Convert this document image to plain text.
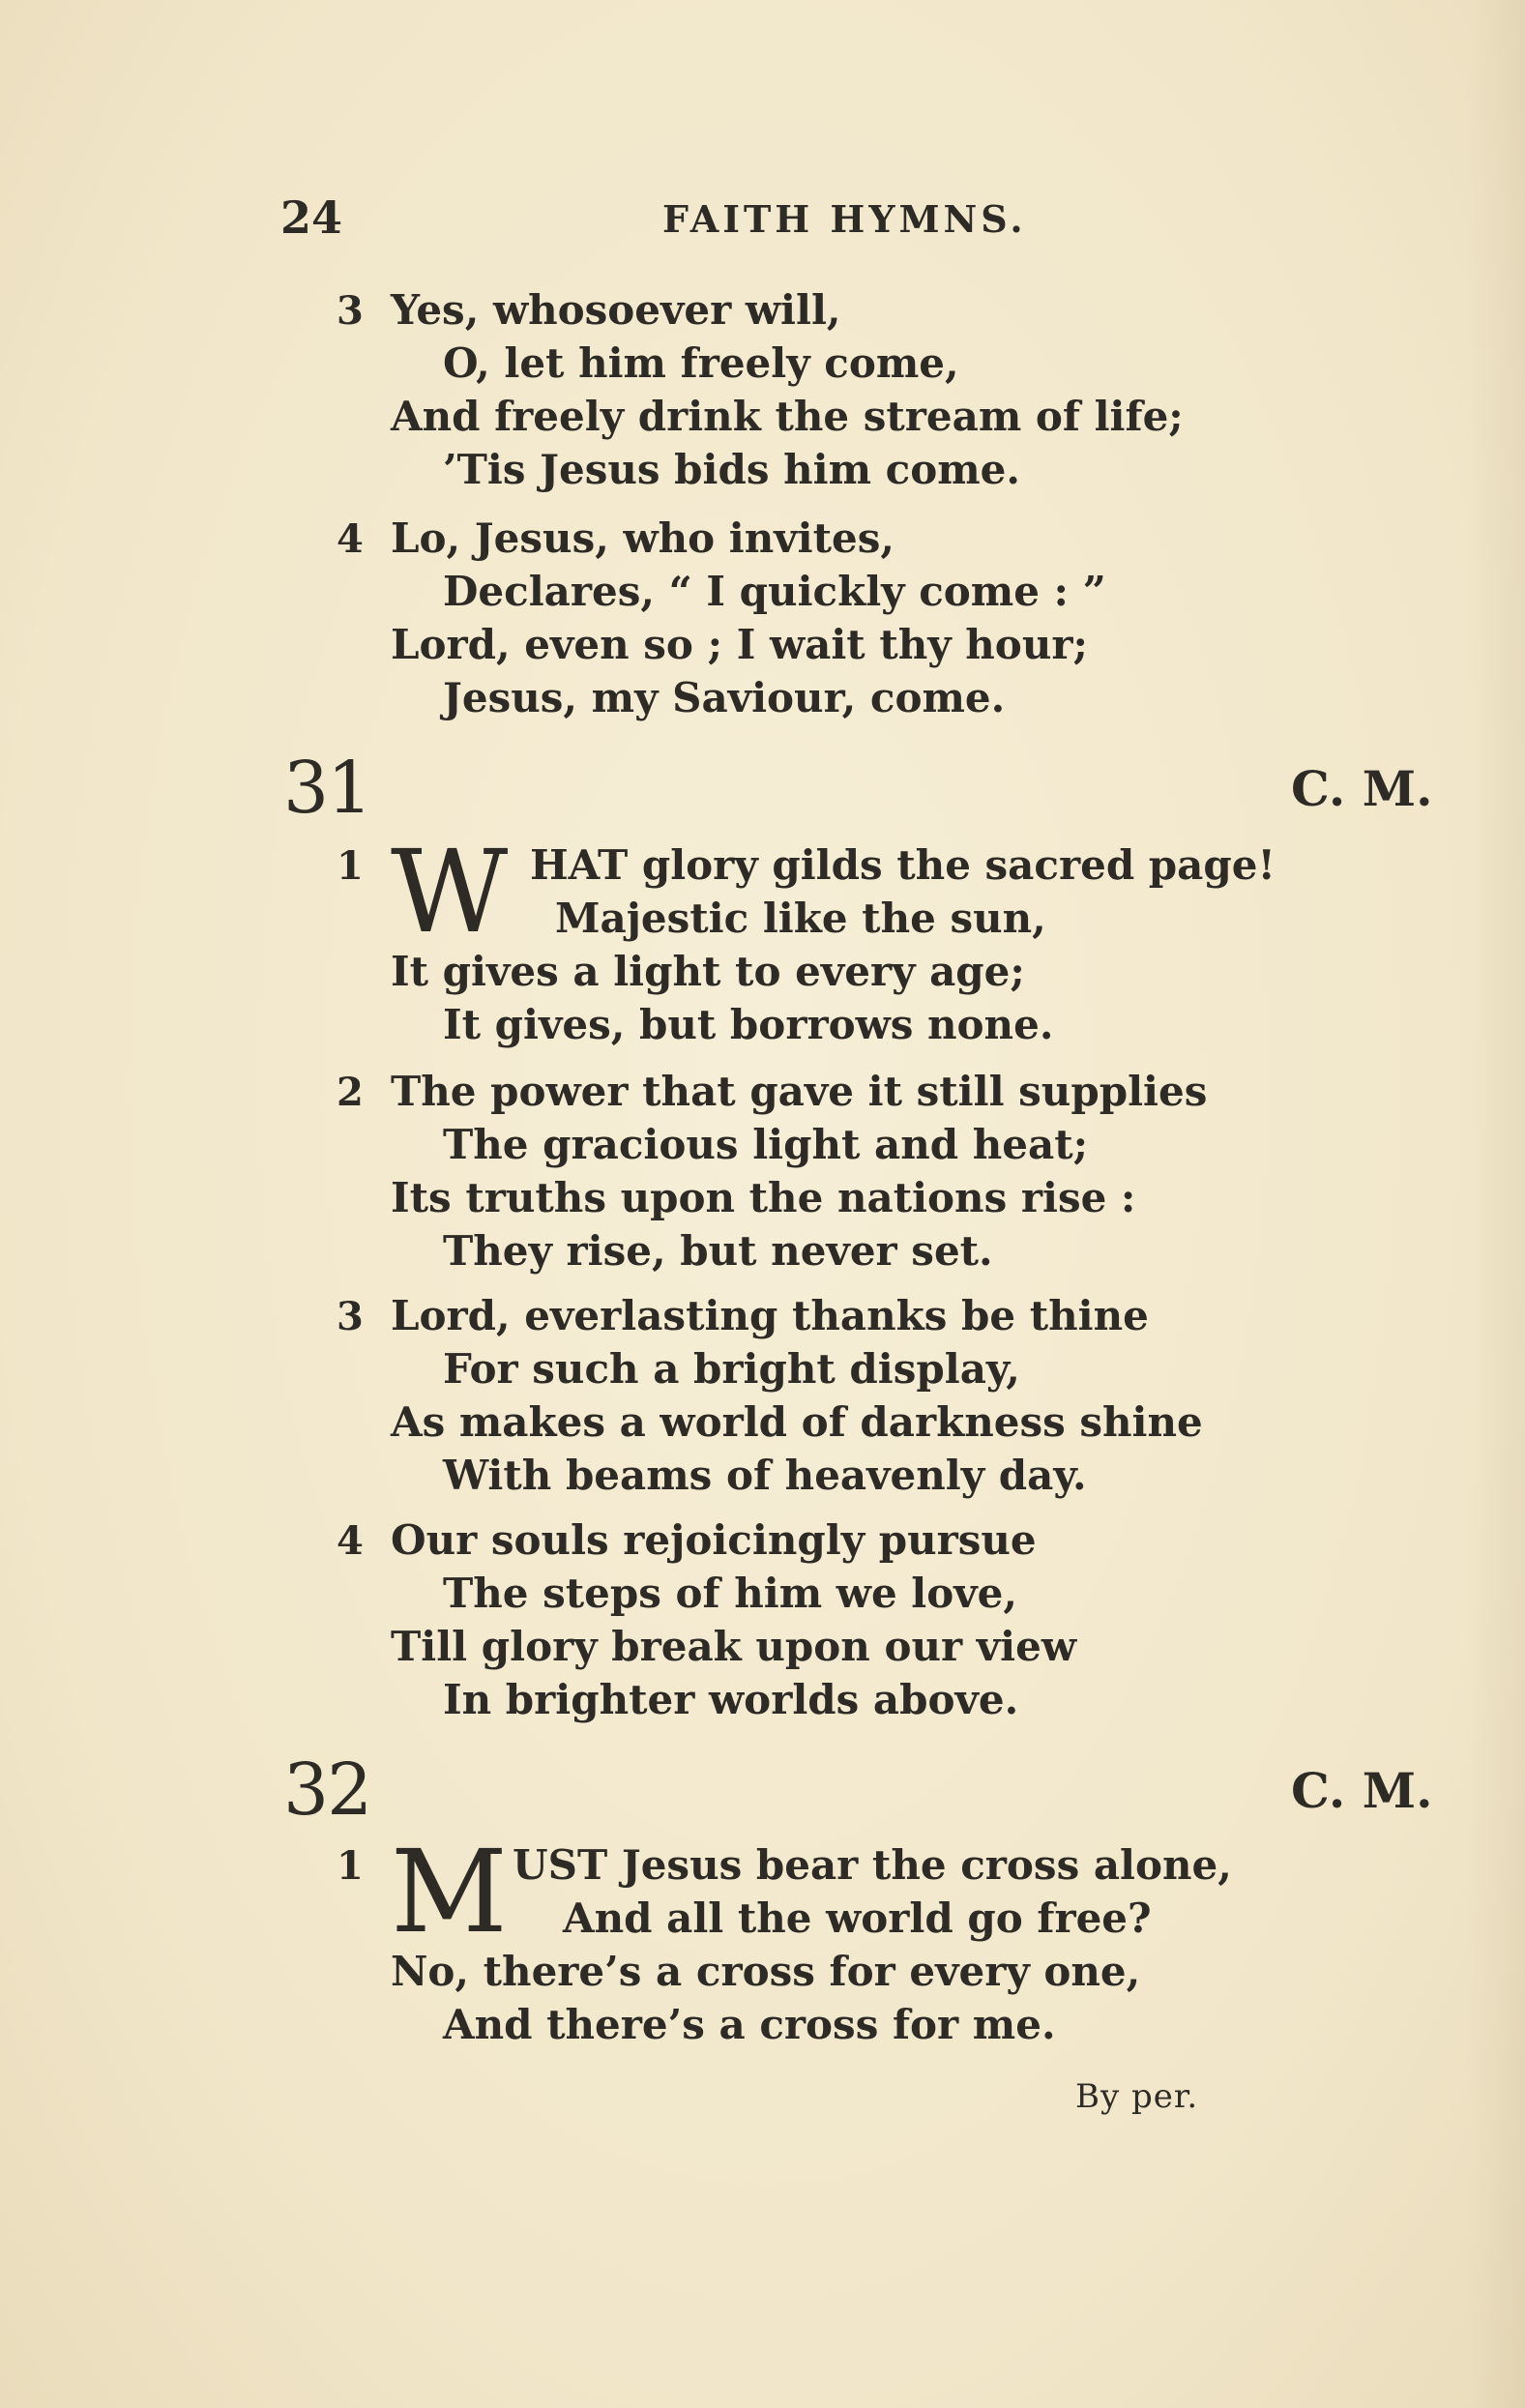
24	FAITH HYMNS.
3 Yes, whosoever will,
O, let him freely come,
And freely drink the stream of life;
’Tis Jesus bids him come.
4 Lo, Jesus, who invites,
Declares, “ I quickly come : ”
Lord, even so ; I wait thy hour;
Jesus, my Saviour, come.
31	C. M.
1 W HAT glory gilds the sacred page!
Majestic like the sun,
It gives a light to every age;
It gives, but borrows none.
2 The power that gave it still supplies
The gracious light and heat;
Its truths upon the nations rise :
They rise, but never set.
3 Lord, everlasting thanks be thine
For such a bright display,
As makes a world of darkness shine
With beams of heavenly day.
4 Our souls rejoicingly pursue
The steps of him we love,
Till glory break upon our view
In brighter worlds above.
32	C. M.
1 M UST Jesus bear the cross alone,
And all the world go free?
No, there’s a cross for every one,
And there’s a cross for me.
By per.
